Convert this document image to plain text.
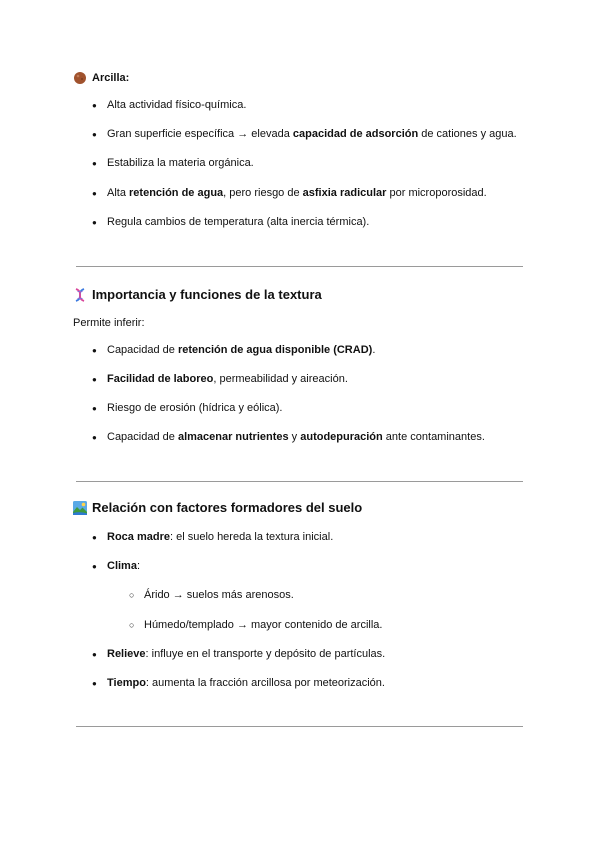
Arcilla:
Alta actividad físico-química.
Gran superficie específica → elevada capacidad de adsorción de cationes y agua.
Estabiliza la materia orgánica.
Alta retención de agua, pero riesgo de asfixia radicular por microporosidad.
Regula cambios de temperatura (alta inercia térmica).
Importancia y funciones de la textura
Permite inferir:
Capacidad de retención de agua disponible (CRAD).
Facilidad de laboreo, permeabilidad y aireación.
Riesgo de erosión (hídrica y eólica).
Capacidad de almacenar nutrientes y autodepuración ante contaminantes.
Relación con factores formadores del suelo
Roca madre: el suelo hereda la textura inicial.
Clima:
Árido → suelos más arenosos.
Húmedo/templado → mayor contenido de arcilla.
Relieve: influye en el transporte y depósito de partículas.
Tiempo: aumenta la fracción arcillosa por meteorización.
